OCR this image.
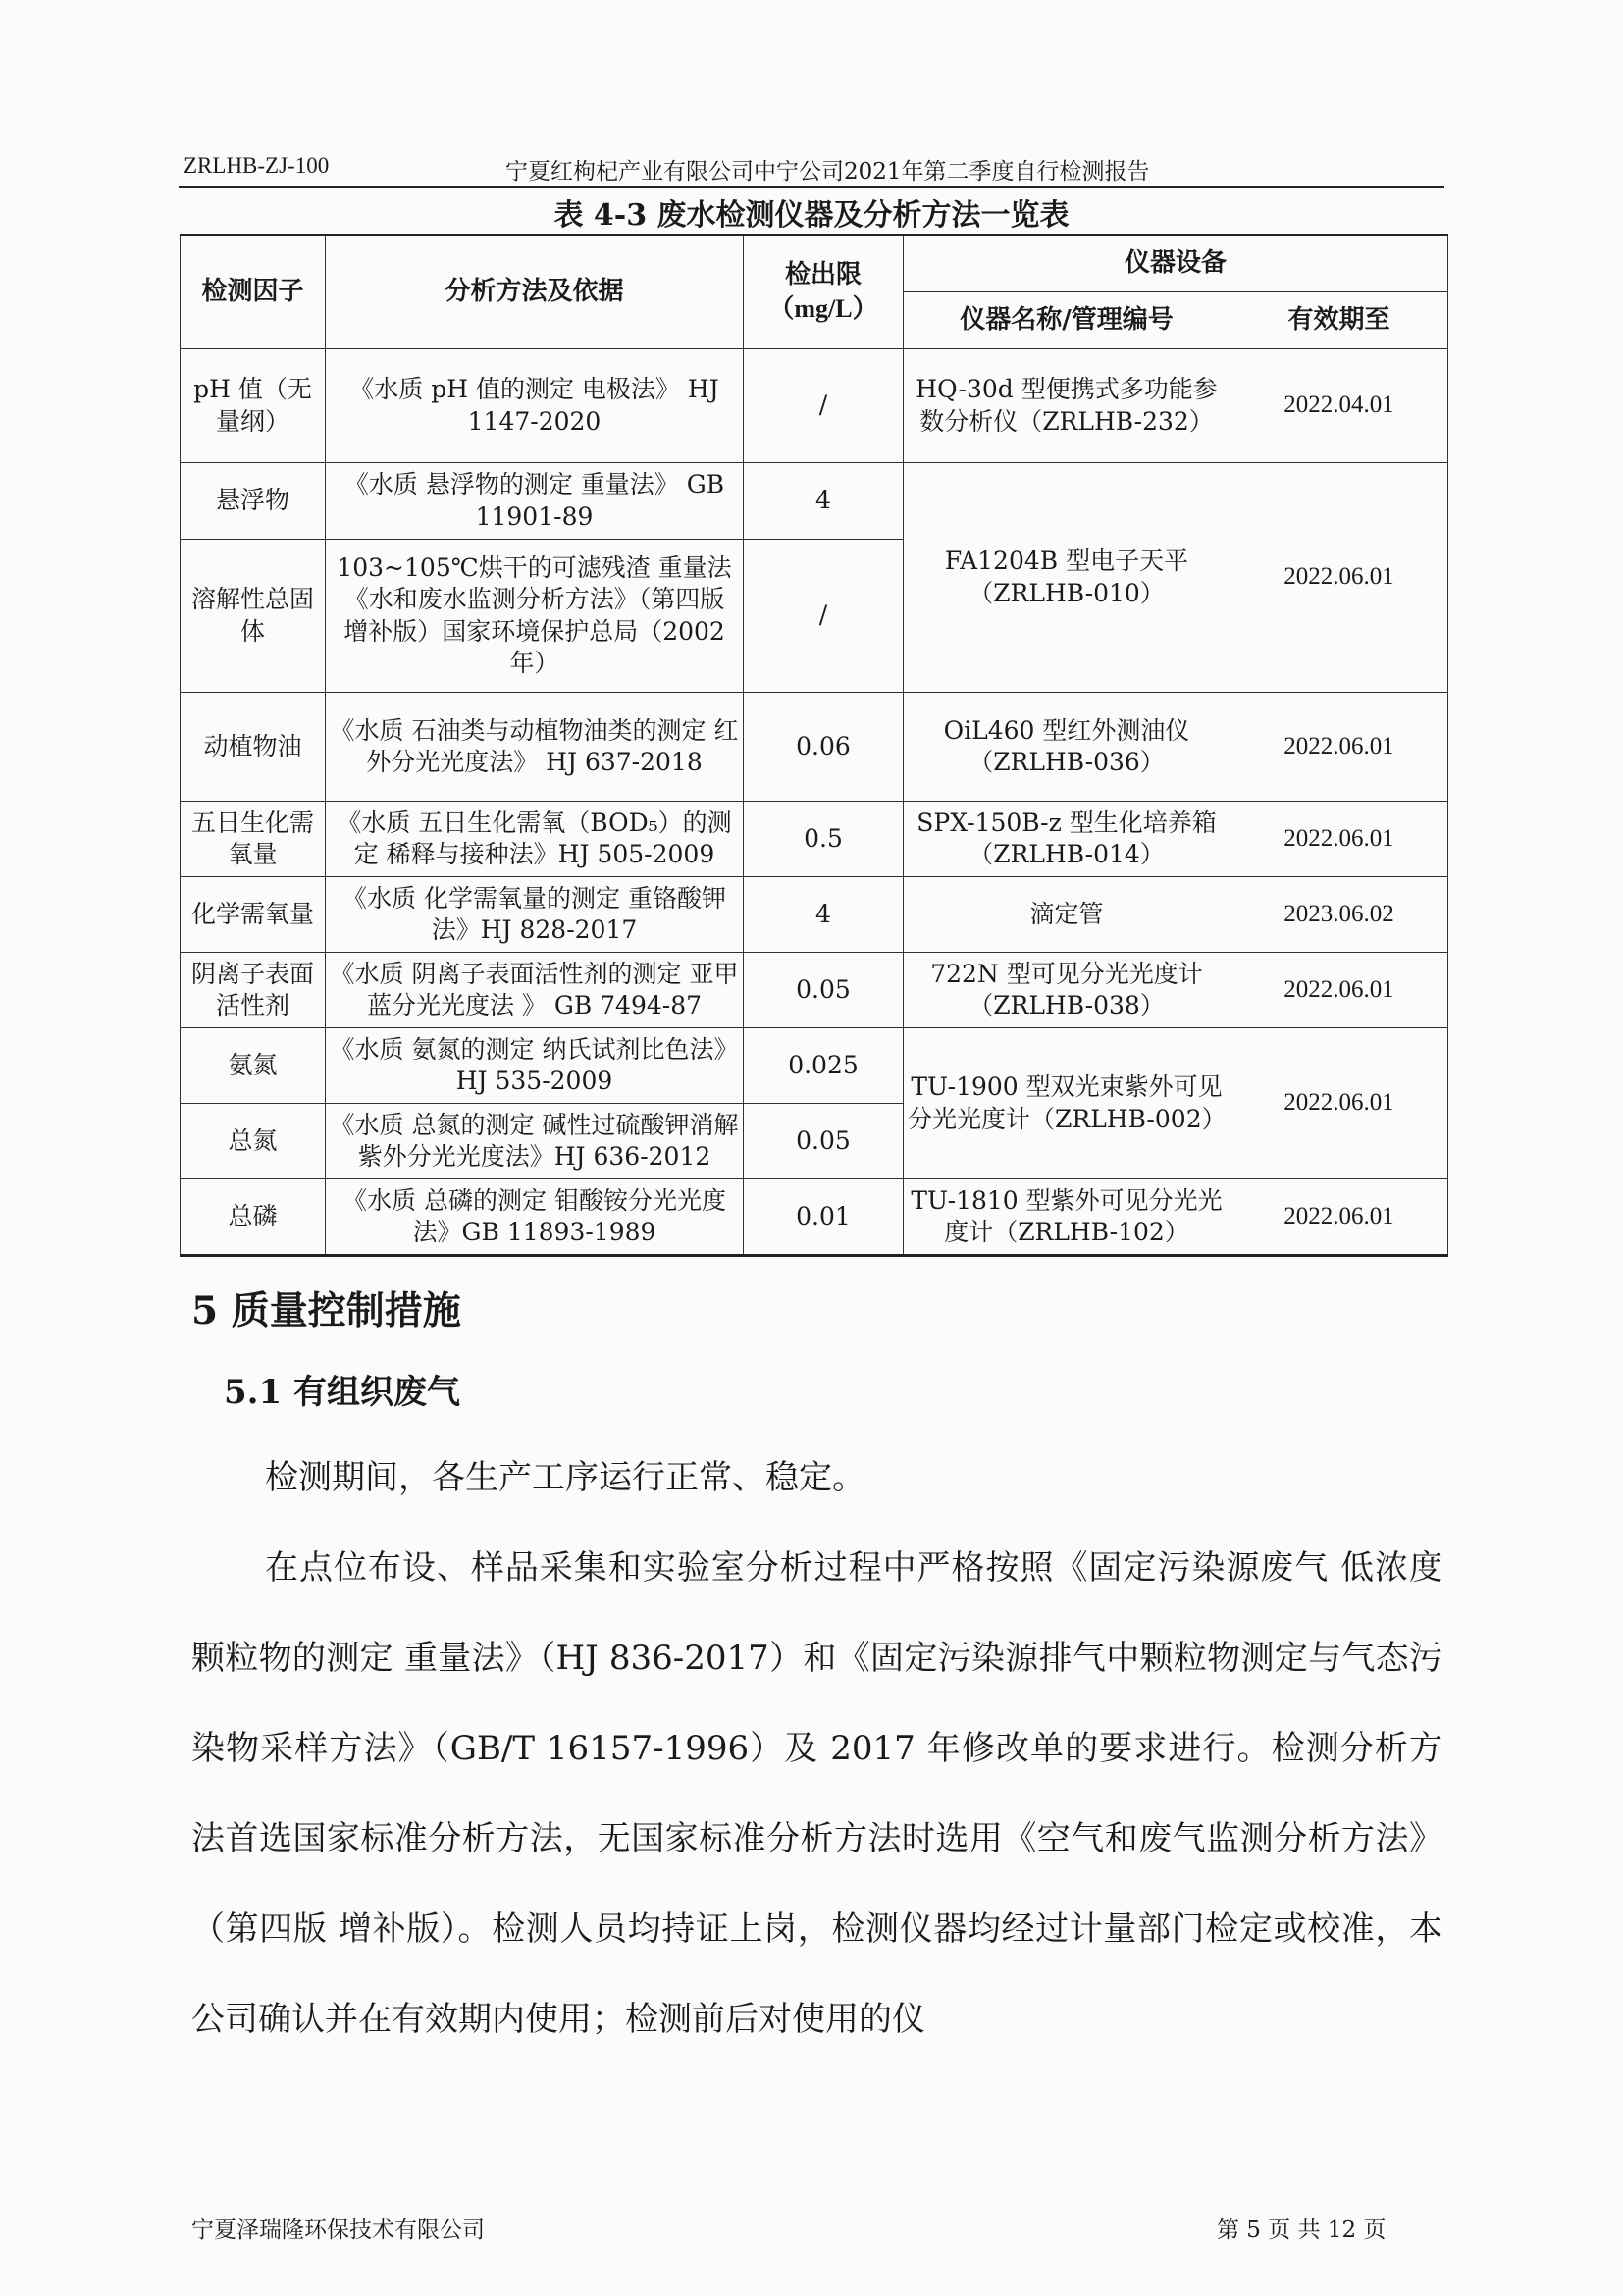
ZRLHB-ZJ-100	宁夏红枸杞产业有限公司中宁公司2021年第二季度自行检测报告
表 4-3 废水检测仪器及分析方法一览表
检测因子	分析方法及依据	检出限
（mg/L）	仪器设备	
			仪器名称/管理编号	有效期至
pH 值（无量纲）	《水质 pH 值的测定 电极法》 HJ 1147-2020	/	HQ-30d 型便携式多功能参数分析仪（ZRLHB-232）	2022.04.01
悬浮物	《水质 悬浮物的测定 重量法》 GB 11901-89	4	FA1204B 型电子天平（ZRLHB-010）	2022.06.01
溶解性总固体	103~105℃烘干的可滤残渣 重量法《水和废水监测分析方法》（第四版 增补版）国家环境保护总局（2002 年）	/		
动植物油	《水质 石油类与动植物油类的测定 红外分光光度法》 HJ 637-2018	0.06	OiL460 型红外测油仪（ZRLHB-036）	2022.06.01
五日生化需氧量	《水质 五日生化需氧（BOD₅）的测定 稀释与接种法》HJ 505-2009	0.5	SPX-150B-z 型生化培养箱（ZRLHB-014）	2022.06.01
化学需氧量	《水质 化学需氧量的测定 重铬酸钾法》HJ 828-2017	4	滴定管	2023.06.02
阴离子表面活性剂	《水质 阴离子表面活性剂的测定 亚甲蓝分光光度法 》 GB 7494-87	0.05	722N 型可见分光光度计（ZRLHB-038）	2022.06.01
氨氮	《水质 氨氮的测定 纳氏试剂比色法》HJ 535-2009	0.025	TU-1900 型双光束紫外可见分光光度计（ZRLHB-002）	2022.06.01
总氮	《水质 总氮的测定 碱性过硫酸钾消解紫外分光光度法》HJ 636-2012	0.05		
总磷	《水质 总磷的测定 钼酸铵分光光度法》GB 11893-1989	0.01	TU-1810 型紫外可见分光光度计（ZRLHB-102）	2022.06.01
5 质量控制措施
5.1 有组织废气
检测期间，各生产工序运行正常、稳定。
在点位布设、样品采集和实验室分析过程中严格按照《固定污染源废气 低浓度颗粒物的测定 重量法》（HJ 836-2017）和《固定污染源排气中颗粒物测定与气态污染物采样方法》（GB/T 16157-1996）及 2017 年修改单的要求进行。检测分析方法首选国家标准分析方法，无国家标准分析方法时选用《空气和废气监测分析方法》（第四版 增补版）。检测人员均持证上岗，检测仪器均经过计量部门检定或校准，本公司确认并在有效期内使用；检测前后对使用的仪
宁夏泽瑞隆环保技术有限公司	第 5 页 共 12 页
